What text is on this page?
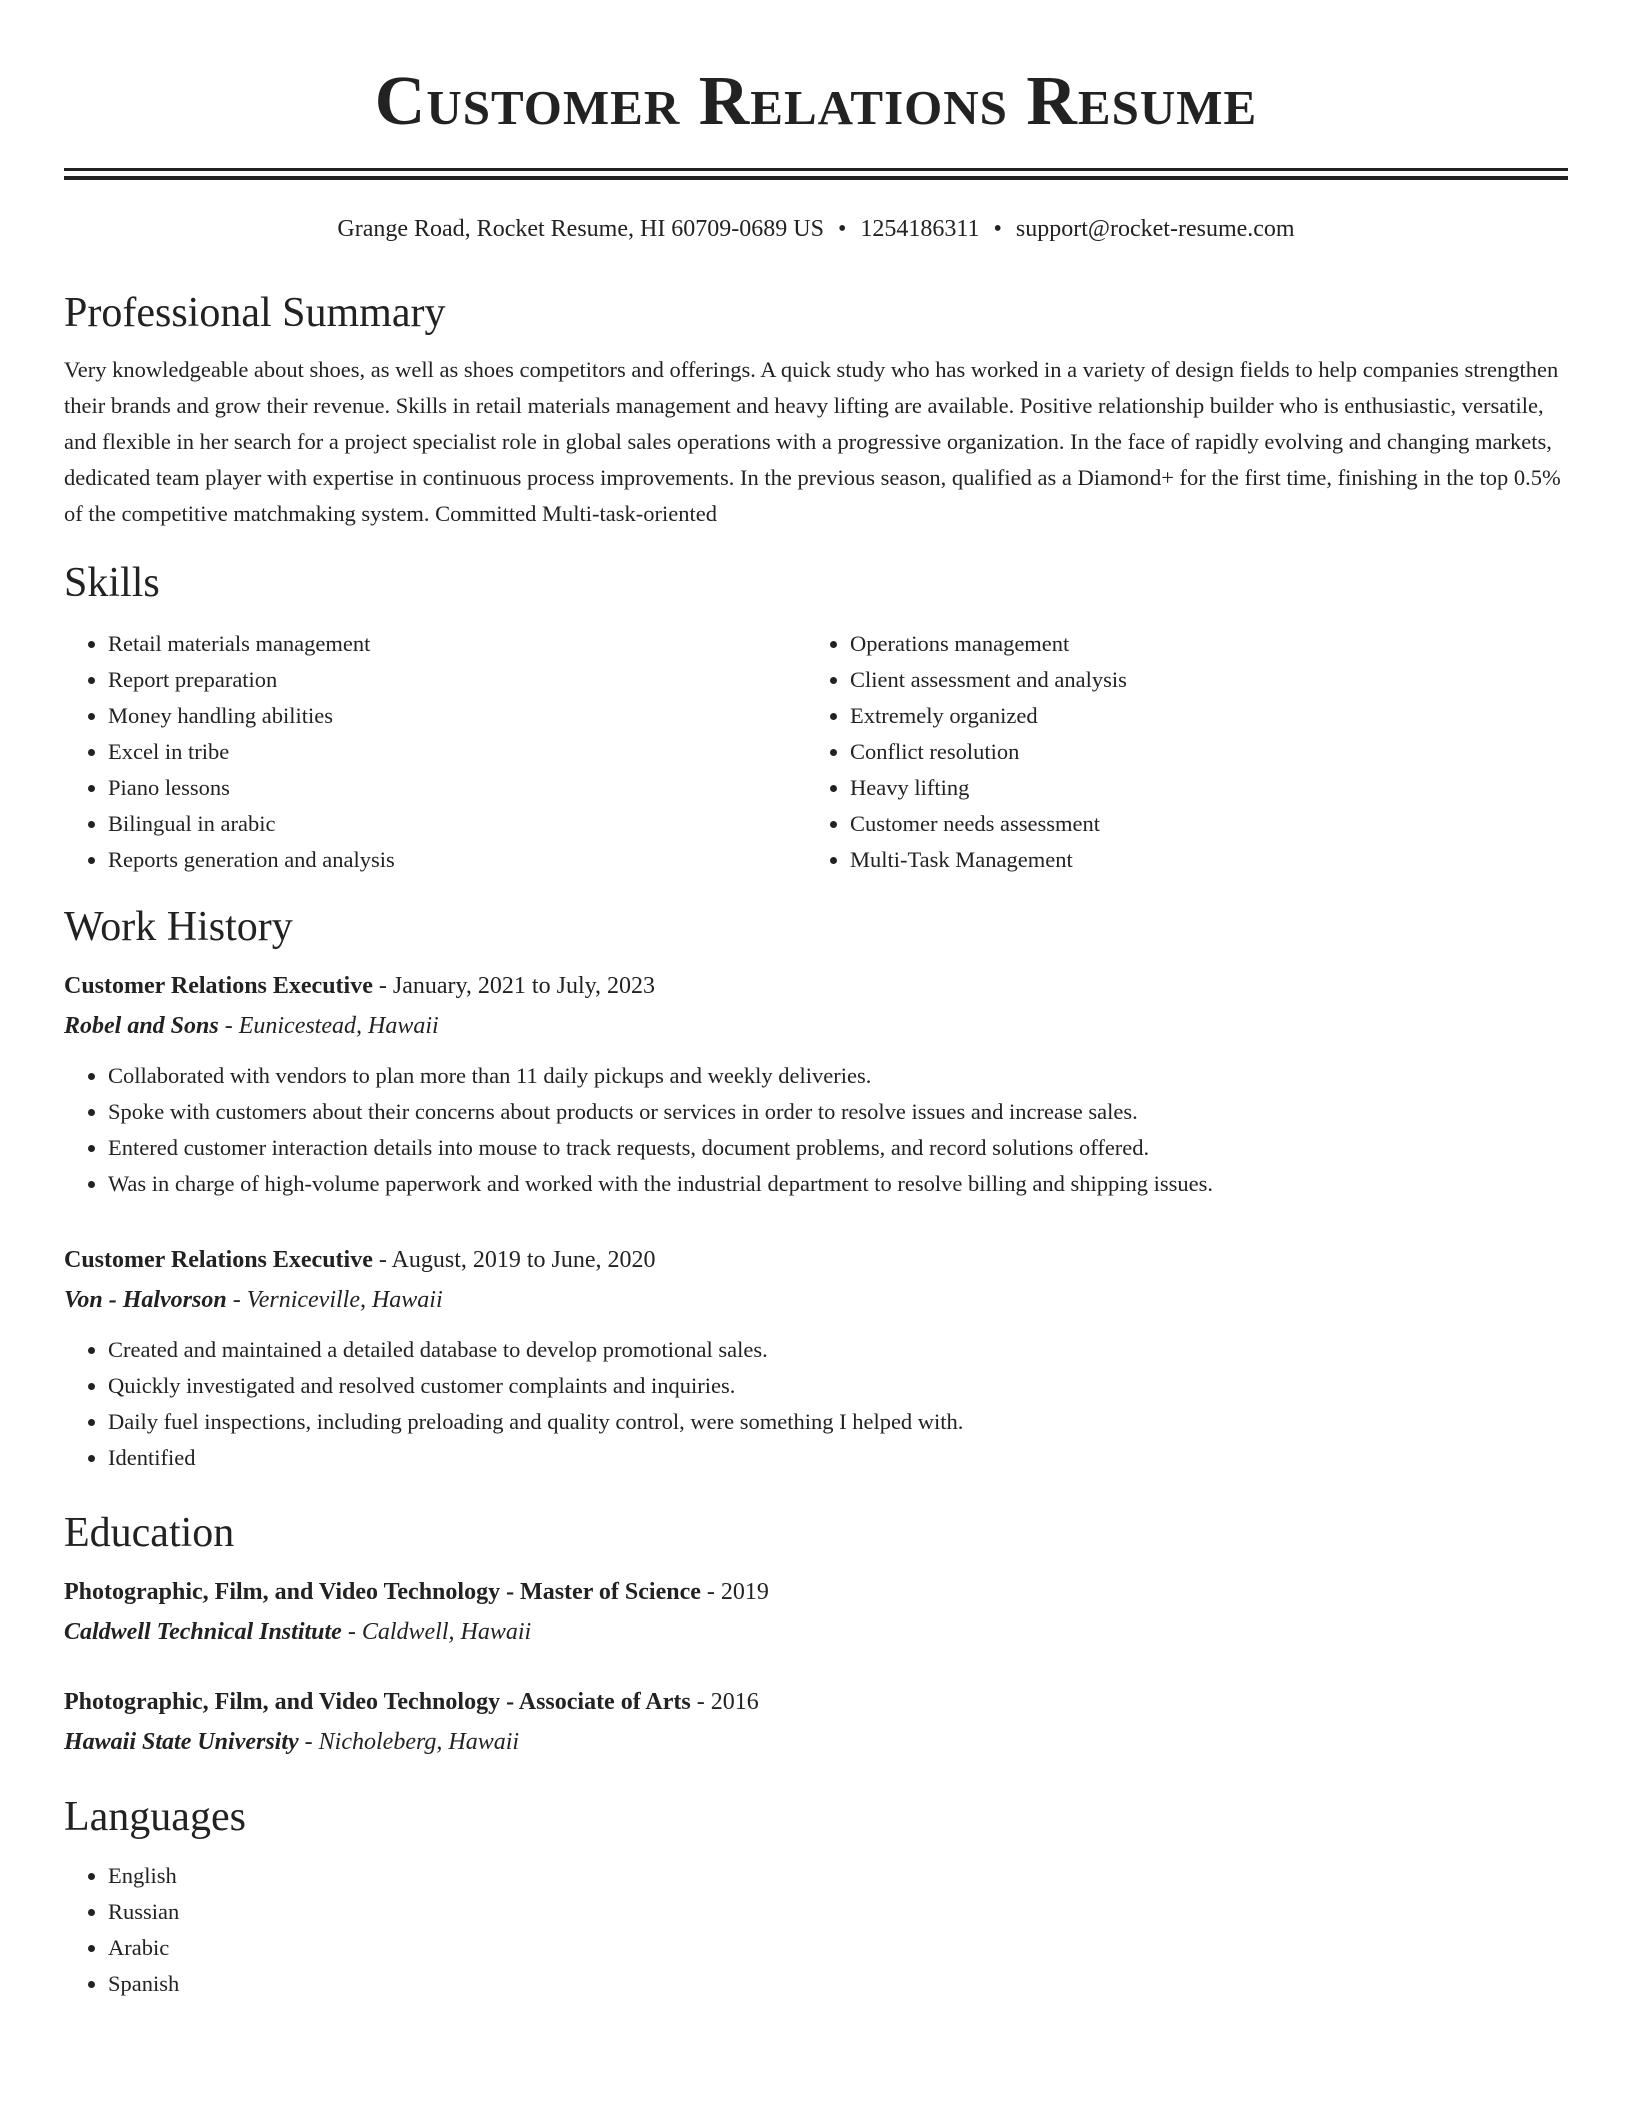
Customer Relations Resume
Grange Road, Rocket Resume, HI 60709-0689 US • 1254186311 • support@rocket-resume.com
Professional Summary
Very knowledgeable about shoes, as well as shoes competitors and offerings. A quick study who has worked in a variety of design fields to help companies strengthen their brands and grow their revenue. Skills in retail materials management and heavy lifting are available. Positive relationship builder who is enthusiastic, versatile, and flexible in her search for a project specialist role in global sales operations with a progressive organization. In the face of rapidly evolving and changing markets, dedicated team player with expertise in continuous process improvements. In the previous season, qualified as a Diamond+ for the first time, finishing in the top 0.5% of the competitive matchmaking system. Committed Multi-task-oriented
Skills
• Retail materials management
• Report preparation
• Money handling abilities
• Excel in tribe
• Piano lessons
• Bilingual in arabic
• Reports generation and analysis
• Operations management
• Client assessment and analysis
• Extremely organized
• Conflict resolution
• Heavy lifting
• Customer needs assessment
• Multi-Task Management
Work History
Customer Relations Executive - January, 2021 to July, 2023
Robel and Sons - Eunicestead, Hawaii
• Collaborated with vendors to plan more than 11 daily pickups and weekly deliveries.
• Spoke with customers about their concerns about products or services in order to resolve issues and increase sales.
• Entered customer interaction details into mouse to track requests, document problems, and record solutions offered.
• Was in charge of high-volume paperwork and worked with the industrial department to resolve billing and shipping issues.
Customer Relations Executive - August, 2019 to June, 2020
Von - Halvorson - Verniceville, Hawaii
• Created and maintained a detailed database to develop promotional sales.
• Quickly investigated and resolved customer complaints and inquiries.
• Daily fuel inspections, including preloading and quality control, were something I helped with.
• Identified
Education
Photographic, Film, and Video Technology - Master of Science - 2019
Caldwell Technical Institute - Caldwell, Hawaii
Photographic, Film, and Video Technology - Associate of Arts - 2016
Hawaii State University - Nicholeberg, Hawaii
Languages
• English
• Russian
• Arabic
• Spanish
